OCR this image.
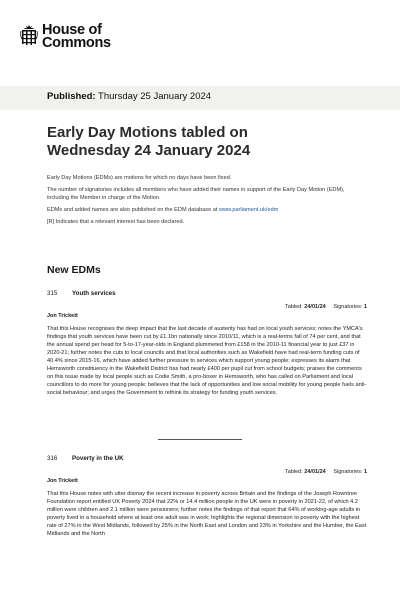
House of
Commons
Published: Thursday 25 January 2024
Early Day Motions tabled on
Wednesday 24 January 2024

Early Day Motions (EDMs) are motions for which no days have been fixed.

The number of signatories includes all members who have added their names in support of the Early Day Motion (EDM), including the Member in charge of the Motion.

EDMs and added names are also published on the EDM database at www.parliament.uk/edm

[R] Indicates that a relevant interest has been declared.

New EDMs
315	Youth services
Tabled: 24/01/24 Signatories: 1
Jon Trickett

That this House recognises the deep impact that the last decade of austerity has had on local youth services; notes the YMCA's findings that youth services have been cut by £1.1bn nationally since 2010/11, which is a real-terms fall of 74 per cent, and that the annual spend per head for 5-to-17-year-olds in England plummeted from £158 in the 2010-11 financial year to just £37 in 2020-21; further notes the cuts to local councils and that local authorities such as Wakefield have had real-term funding cuts of 40.4% since 2015-16, which have added further pressure to services which support young people; expresses its alarm that Hemsworth constituency in the Wakefield District has had nearly £400 per pupil cut from school budgets; praises the comments on this issue made by local people such as Codie Smith, a pro-boxer in Hemsworth, who has called on Parliament and local councillors to do more for young people; believes that the lack of opportunities and low social mobility for young people fuels anti-social behaviour; and urges the Government to rethink its strategy for funding youth services.

316	Poverty in the UK
Tabled: 24/01/24 Signatories: 1
Jon Trickett

That this House notes with utter dismay the recent increase in poverty across Britain and the findings of the Joseph Rowntree Foundation report entitled UK Poverty 2024 that 22% or 14.4 million people in the UK were in poverty in 2021-22, of which 4.2 million were children and 2.1 million were pensioners; further notes the findings of that report that 64% of working-age adults in poverty lived in a household where at least one adult was in work; highlights the regional dimension to poverty with the highest rate of 27% in the West Midlands, followed by 25% in the North East and London and 23% in Yorkshire and the Humber, the East Midlands and the North
